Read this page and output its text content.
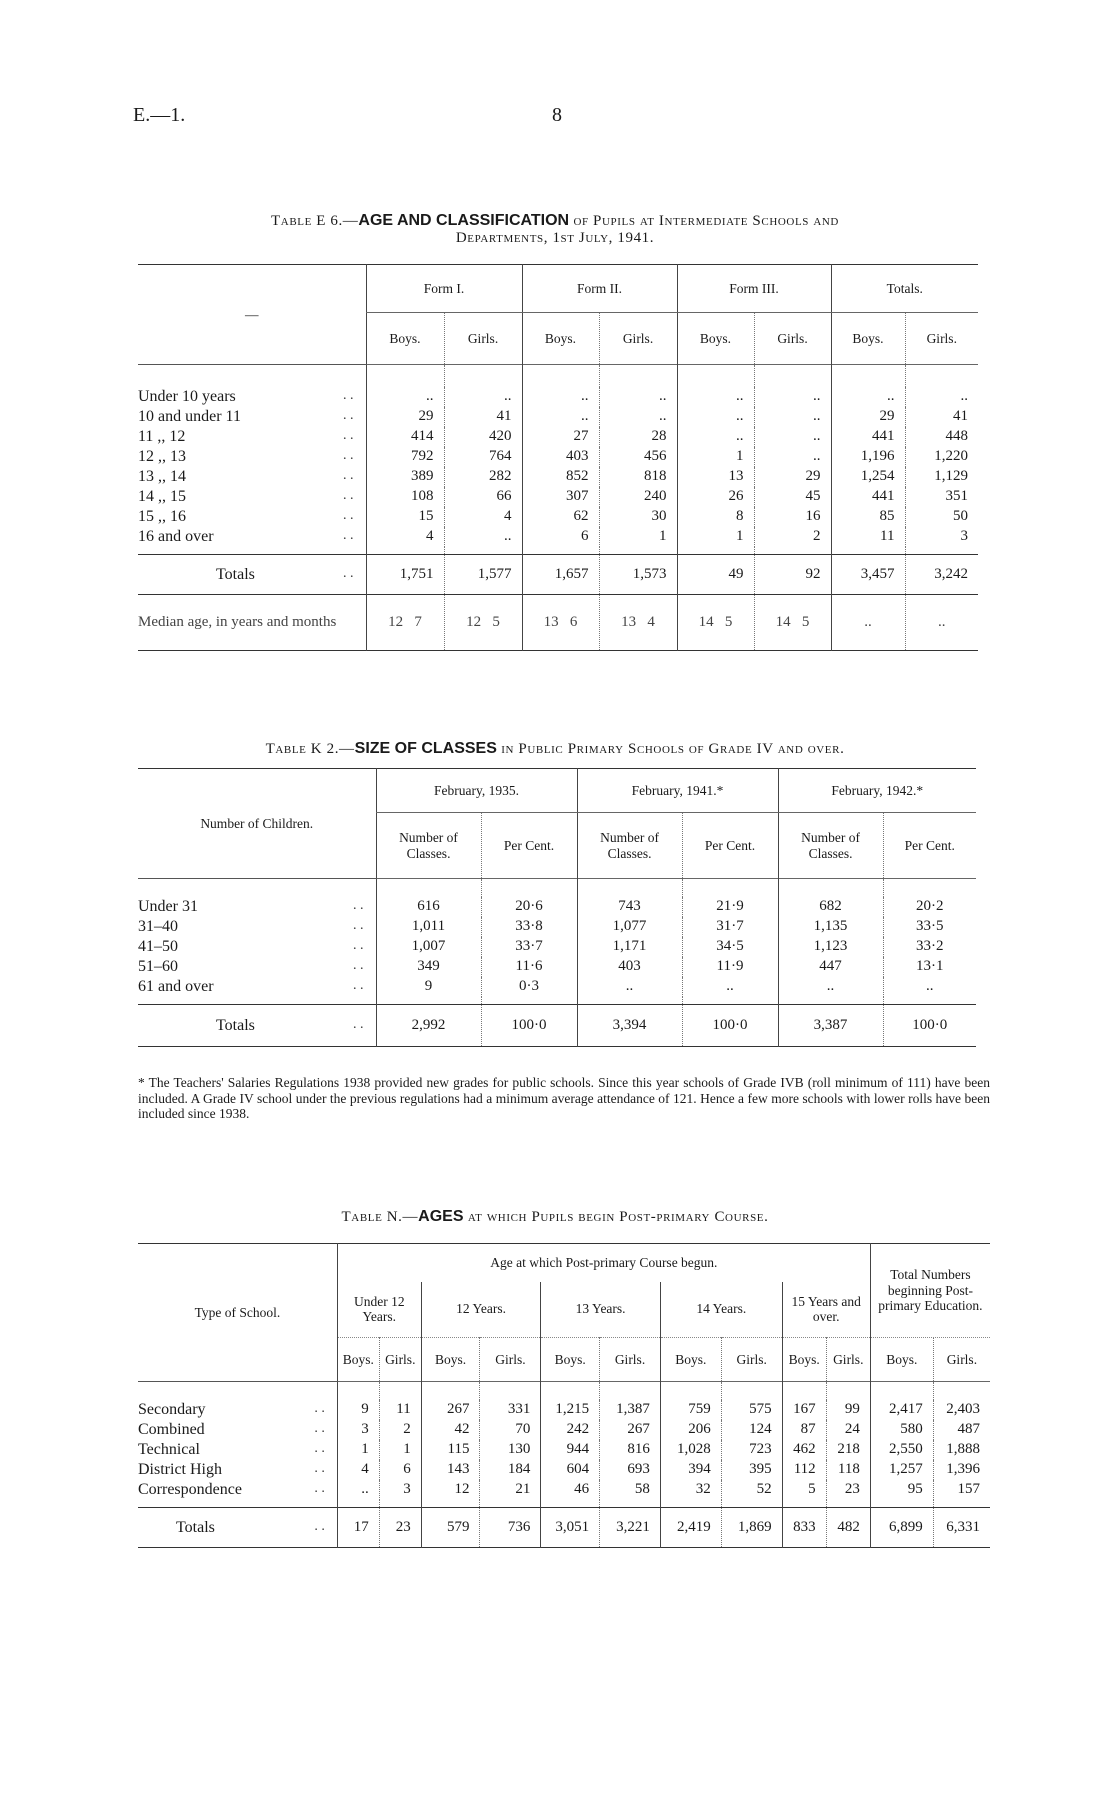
E.—1.	8
Table E 6.—AGE AND CLASSIFICATION of Pupils at Intermediate Schools and
Departments, 1st July, 1941.
—	Form I.		Form II.		Form III.		Totals.	
	Boys.	Girls.	Boys.	Girls.	Boys.	Girls.	Boys.	Girls.

Under 10 years . .	..	..	..	..	..	..	..	..
10 and under 11 . .	29	41	..	..	..	..	29	41
11 ,, 12 . .	414	420	27	28	..	..	441	448
12 ,, 13 . .	792	764	403	456	1	..	1,196	1,220
13 ,, 14 . .	389	282	852	818	13	29	1,254	1,129
14 ,, 15 . .	108	66	307	240	26	45	441	351
15 ,, 16 . .	15	4	62	30	8	16	85	50
16 and over . .	4	..	6	1	1	2	11	3

Totals . .	1,751	1,577	1,657	1,573	49	92	3,457	3,242
Median age, in years and months	12   7	12   5	13   6	13   4	14   5	14   5	..	..
Table K 2.—SIZE OF CLASSES in Public Primary Schools of Grade IV and over.
Number of Children.	February, 1935.		February, 1941.*		February, 1942.*	
	Number of Classes.	Per Cent.	Number of Classes.	Per Cent.	Number of Classes.	Per Cent.

Under 31 . .	616	20·6	743	21·9	682	20·2
31–40 . .	1,011	33·8	1,077	31·7	1,135	33·5
41–50 . .	1,007	33·7	1,171	34·5	1,123	33·2
51–60 . .	349	11·6	403	11·9	447	13·1
61 and over . .	9	0·3	..	..	..	..

Totals . .	2,992	100·0	3,394	100·0	3,387	100·0
* The Teachers' Salaries Regulations 1938 provided new grades for public schools. Since this year schools of Grade IVB (roll minimum of 111) have been included. A Grade IV school under the previous regulations had a minimum average attendance of 121. Hence a few more schools with lower rolls have been included since 1938.
Table N.—AGES at which Pupils begin Post-primary Course.
Type of School.	Age at which Post-primary Course begun.										Total Numbers beginning Post-primary Education.	
	Under 12 Years.		12 Years.		13 Years.		14 Years.		15 Years and over.			
	Boys.	Girls.	Boys.	Girls.	Boys.	Girls.	Boys.	Girls.	Boys.	Girls.	Boys.	Girls.

Secondary . .	9	11	267	331	1,215	1,387	759	575	167	99	2,417	2,403
Combined . .	3	2	42	70	242	267	206	124	87	24	580	487
Technical . .	1	1	115	130	944	816	1,028	723	462	218	2,550	1,888
District High . .	4	6	143	184	604	693	394	395	112	118	1,257	1,396
Correspondence . .	..	3	12	21	46	58	32	52	5	23	95	157

Totals . .	17	23	579	736	3,051	3,221	2,419	1,869	833	482	6,899	6,331
